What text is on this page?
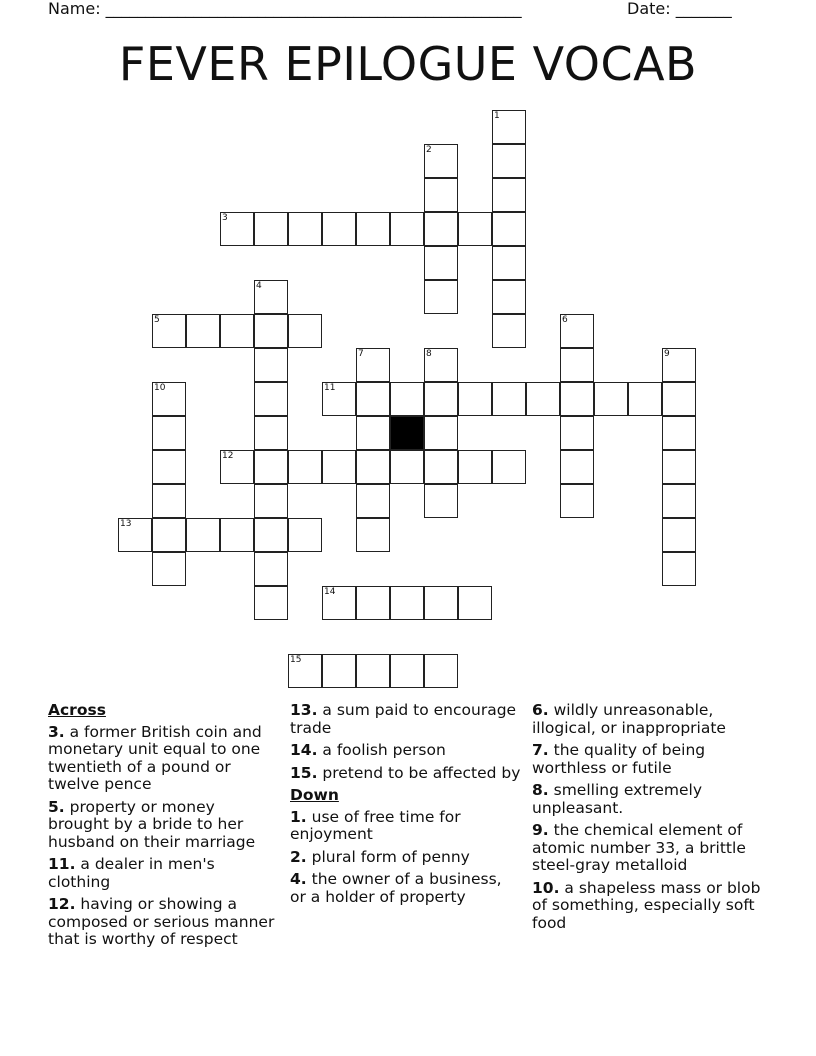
Name: ____________________________________________________	Date: _______
FEVER EPILOGUE VOCAB
3
5
11
12
13
14
15
1
2
4
6
7	8	9
10
Across
3. a former British coin and monetary unit equal to one twentieth of a pound or twelve pence
5. property or money brought by a bride to her husband on their marriage
11. a dealer in men's clothing
12. having or showing a composed or serious manner that is worthy of respect
13. a sum paid to encourage trade
14. a foolish person
15. pretend to be affected by
Down
1. use of free time for enjoyment
2. plural form of penny
4. the owner of a business, or a holder of property
6. wildly unreasonable, illogical, or inappropriate
7. the quality of being worthless or futile
8. smelling extremely unpleasant.
9. the chemical element of atomic number 33, a brittle steel-gray metalloid
10. a shapeless mass or blob of something, especially soft food
